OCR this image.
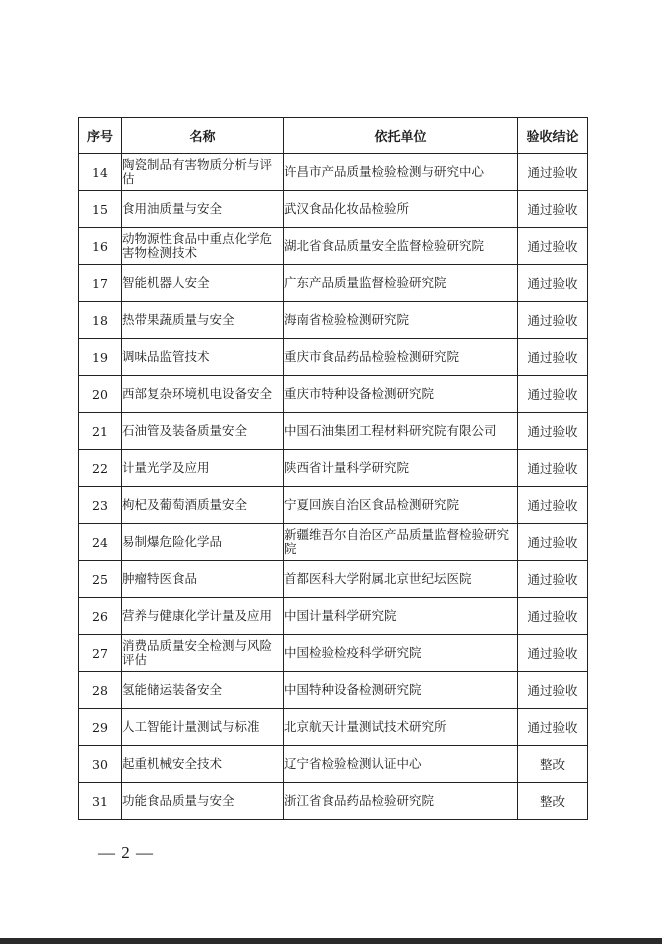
序号	名称	依托单位	验收结论
14	陶瓷制品有害物质分析与评估	许昌市产品质量检验检测与研究中心	通过验收
15	食用油质量与安全	武汉食品化妆品检验所	通过验收
16	动物源性食品中重点化学危害物检测技术	湖北省食品质量安全监督检验研究院	通过验收
17	智能机器人安全	广东产品质量监督检验研究院	通过验收
18	热带果蔬质量与安全	海南省检验检测研究院	通过验收
19	调味品监管技术	重庆市食品药品检验检测研究院	通过验收
20	西部复杂环境机电设备安全	重庆市特种设备检测研究院	通过验收
21	石油管及装备质量安全	中国石油集团工程材料研究院有限公司	通过验收
22	计量光学及应用	陕西省计量科学研究院	通过验收
23	枸杞及葡萄酒质量安全	宁夏回族自治区食品检测研究院	通过验收
24	易制爆危险化学品	新疆维吾尔自治区产品质量监督检验研究院	通过验收
25	肿瘤特医食品	首都医科大学附属北京世纪坛医院	通过验收
26	营养与健康化学计量及应用	中国计量科学研究院	通过验收
27	消费品质量安全检测与风险评估	中国检验检疫科学研究院	通过验收
28	氢能储运装备安全	中国特种设备检测研究院	通过验收
29	人工智能计量测试与标准	北京航天计量测试技术研究所	通过验收
30	起重机械安全技术	辽宁省检验检测认证中心	整改
31	功能食品质量与安全	浙江省食品药品检验研究院	整改
— 2 —
